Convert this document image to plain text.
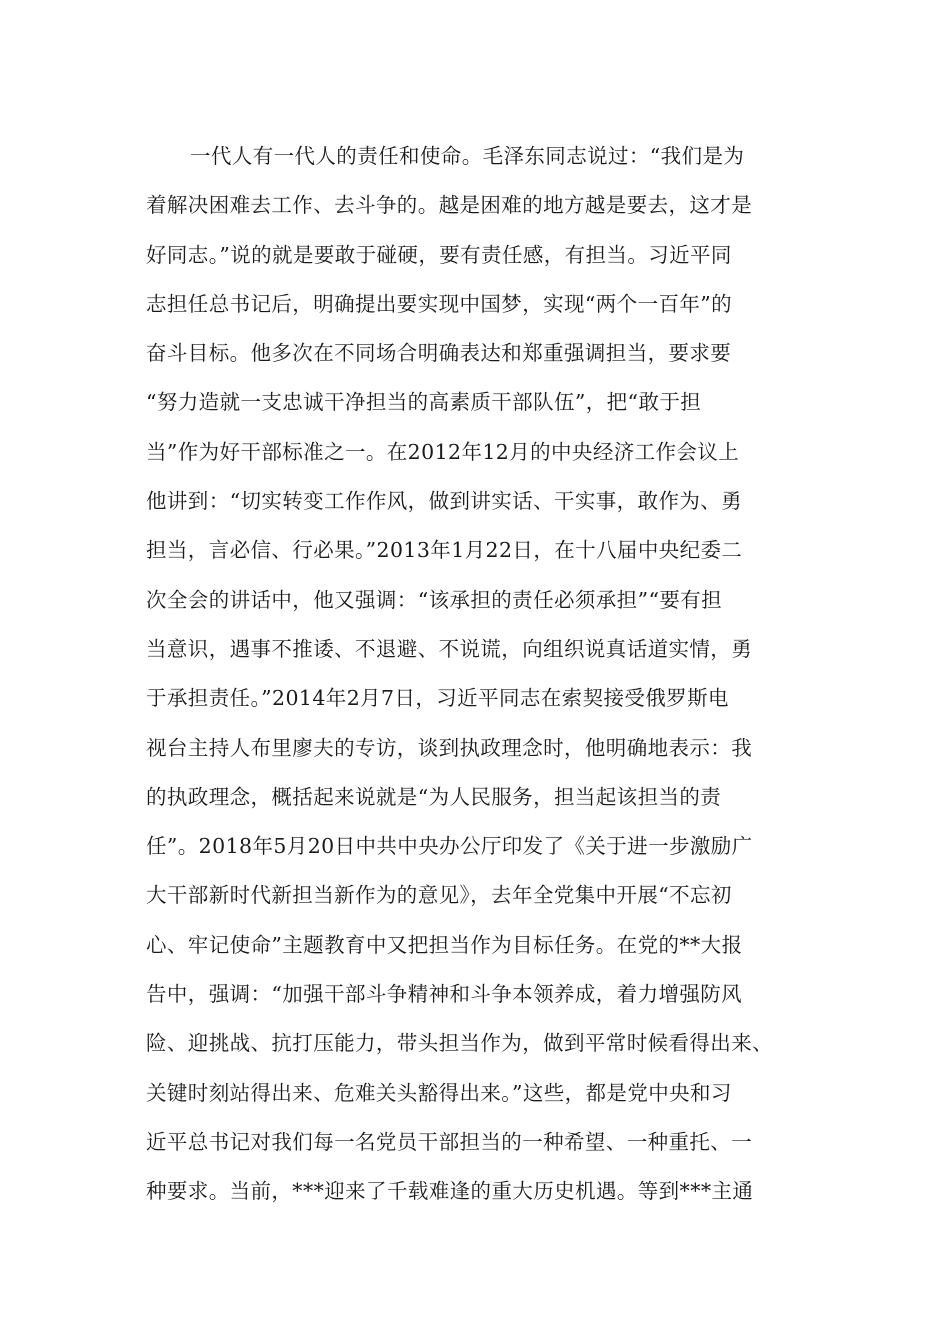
一代人有一代人的责任和使命。毛泽东同志说过：“我们是为
着解决困难去工作、去斗争的。越是困难的地方越是要去，这才是
好同志。”说的就是要敢于碰硬，要有责任感，有担当。习近平同
志担任总书记后，明确提出要实现中国梦，实现“两个一百年”的
奋斗目标。他多次在不同场合明确表达和郑重强调担当，要求要
“努力造就一支忠诚干净担当的高素质干部队伍”，把“敢于担
当”作为好干部标准之一。在2012年12月的中央经济工作会议上
他讲到：“切实转变工作作风，做到讲实话、干实事，敢作为、勇
担当，言必信、行必果。”2013年1月22日，在十八届中央纪委二
次全会的讲话中，他又强调：“该承担的责任必须承担”“要有担
当意识，遇事不推诿、不退避、不说谎，向组织说真话道实情，勇
于承担责任。”2014年2月7日，习近平同志在索契接受俄罗斯电
视台主持人布里廖夫的专访，谈到执政理念时，他明确地表示：我
的执政理念，概括起来说就是“为人民服务，担当起该担当的责
任”。2018年5月20日中共中央办公厅印发了《关于进一步激励广
大干部新时代新担当新作为的意见》，去年全党集中开展“不忘初
心、牢记使命”主题教育中又把担当作为目标任务。在党的**大报
告中，强调：“加强干部斗争精神和斗争本领养成，着力增强防风
险、迎挑战、抗打压能力，带头担当作为，做到平常时候看得出来、
关键时刻站得出来、危难关头豁得出来。”这些，都是党中央和习
近平总书记对我们每一名党员干部担当的一种希望、一种重托、一
种要求。当前，***迎来了千载难逢的重大历史机遇。等到***主通
